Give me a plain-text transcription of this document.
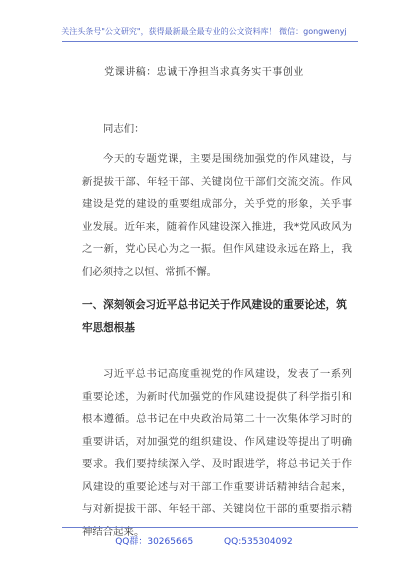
关注头条号"公文研究"，获得最新最全最专业的公文资料库！ 微信：gongwenyj
党课讲稿：忠诚干净担当求真务实干事创业
同志们：
今天的专题党课，主要是围绕加强党的作风建设，与新提拔干部、年轻干部、关键岗位干部们交流交流。作风建设是党的建设的重要组成部分，关乎党的形象，关乎事业发展。近年来，随着作风建设深入推进，我*党风政风为之一新，党心民心为之一振。但作风建设永远在路上，我们必须持之以恒、常抓不懈。
一、深刻领会习近平总书记关于作风建设的重要论述，筑牢思想根基
习近平总书记高度重视党的作风建设，发表了一系列重要论述，为新时代加强党的作风建设提供了科学指引和根本遵循。总书记在中央政治局第二十一次集体学习时的重要讲话，对加强党的组织建设、作风建设等提出了明确要求。我们要持续深入学、及时跟进学，将总书记关于作风建设的重要论述与对干部工作重要讲话精神结合起来，与对新提拔干部、年轻干部、关键岗位干部的重要指示精神结合起来。
QQ群：30265665	QQ:535304092
